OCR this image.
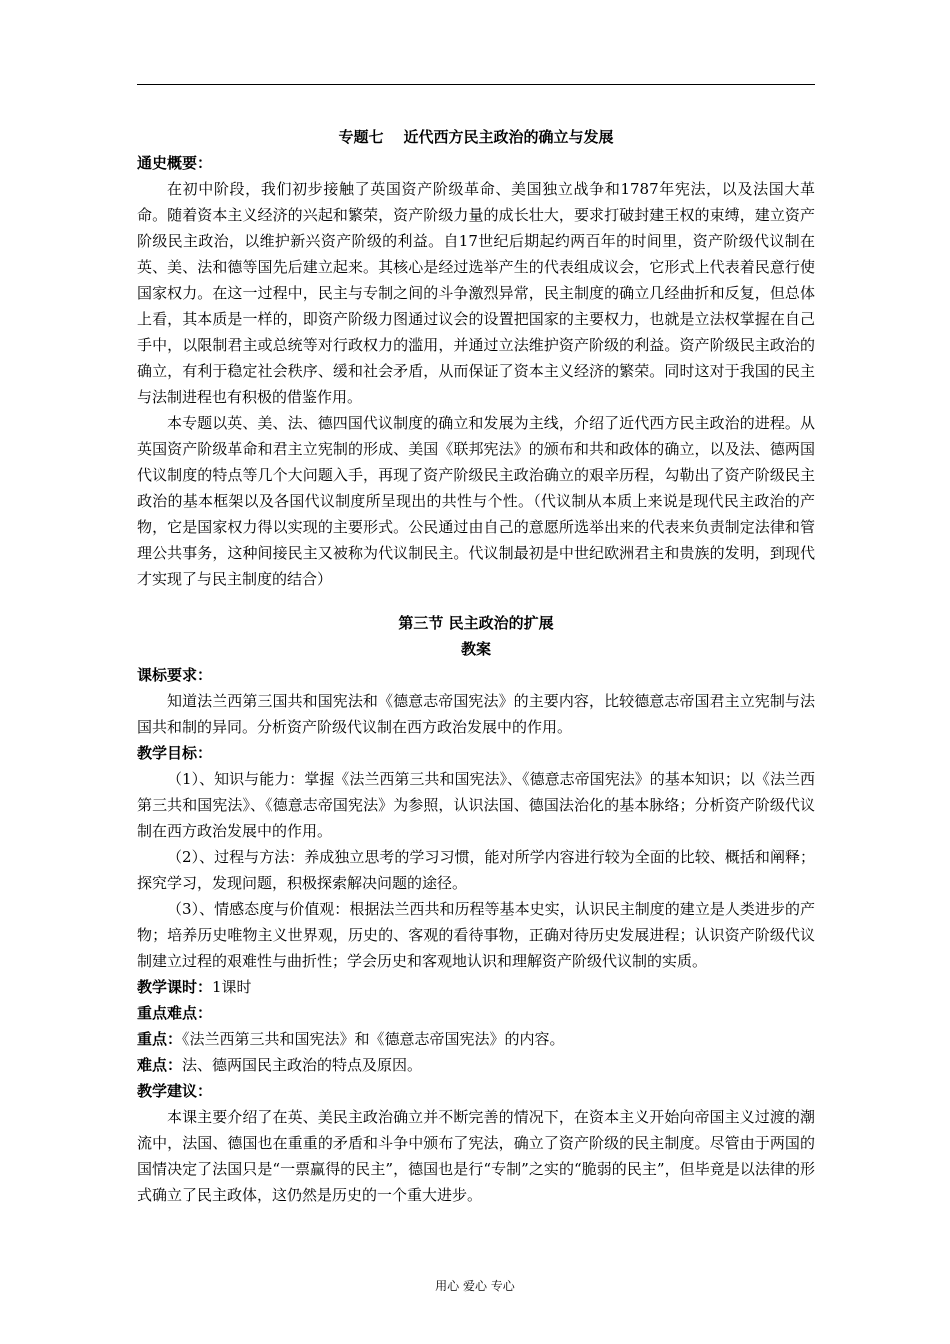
专题七 近代西方民主政治的确立与发展

通史概要：

在初中阶段，我们初步接触了英国资产阶级革命、美国独立战争和1787年宪法，以及法国大革命。随着资本主义经济的兴起和繁荣，资产阶级力量的成长壮大，要求打破封建王权的束缚，建立资产阶级民主政治，以维护新兴资产阶级的利益。自17世纪后期起约两百年的时间里，资产阶级代议制在英、美、法和德等国先后建立起来。其核心是经过选举产生的代表组成议会，它形式上代表着民意行使国家权力。在这一过程中，民主与专制之间的斗争激烈异常，民主制度的确立几经曲折和反复，但总体上看，其本质是一样的，即资产阶级力图通过议会的设置把国家的主要权力，也就是立法权掌握在自己手中，以限制君主或总统等对行政权力的滥用，并通过立法维护资产阶级的利益。资产阶级民主政治的确立，有利于稳定社会秩序、缓和社会矛盾，从而保证了资本主义经济的繁荣。同时这对于我国的民主与法制进程也有积极的借鉴作用。

本专题以英、美、法、德四国代议制度的确立和发展为主线，介绍了近代西方民主政治的进程。从英国资产阶级革命和君主立宪制的形成、美国《联邦宪法》的颁布和共和政体的确立，以及法、德两国代议制度的特点等几个大问题入手，再现了资产阶级民主政治确立的艰辛历程，勾勒出了资产阶级民主政治的基本框架以及各国代议制度所呈现出的共性与个性。（代议制从本质上来说是现代民主政治的产物，它是国家权力得以实现的主要形式。公民通过由自己的意愿所选举出来的代表来负责制定法律和管理公共事务，这种间接民主又被称为代议制民主。代议制最初是中世纪欧洲君主和贵族的发明，到现代才实现了与民主制度的结合）

第三节 民主政治的扩展

教案

课标要求：

知道法兰西第三国共和国宪法和《德意志帝国宪法》的主要内容，比较德意志帝国君主立宪制与法国共和制的异同。分析资产阶级代议制在西方政治发展中的作用。

教学目标：

（1）、知识与能力：掌握《法兰西第三共和国宪法》、《德意志帝国宪法》的基本知识；以《法兰西第三共和国宪法》、《德意志帝国宪法》为参照，认识法国、德国法治化的基本脉络；分析资产阶级代议制在西方政治发展中的作用。

（2）、过程与方法：养成独立思考的学习习惯，能对所学内容进行较为全面的比较、概括和阐释；探究学习，发现问题，积极探索解决问题的途径。

（3）、情感态度与价值观：根据法兰西共和历程等基本史实，认识民主制度的建立是人类进步的产物；培养历史唯物主义世界观，历史的、客观的看待事物，正确对待历史发展进程；认识资产阶级代议制建立过程的艰难性与曲折性；学会历史和客观地认识和理解资产阶级代议制的实质。

教学课时：1课时

重点难点：

重点：《法兰西第三共和国宪法》和《德意志帝国宪法》的内容。

难点：法、德两国民主政治的特点及原因。

教学建议：

本课主要介绍了在英、美民主政治确立并不断完善的情况下，在资本主义开始向帝国主义过渡的潮流中，法国、德国也在重重的矛盾和斗争中颁布了宪法，确立了资产阶级的民主制度。尽管由于两国的国情决定了法国只是“一票赢得的民主”，德国也是行“专制”之实的“脆弱的民主”，但毕竟是以法律的形式确立了民主政体，这仍然是历史的一个重大进步。

用心 爱心 专心
